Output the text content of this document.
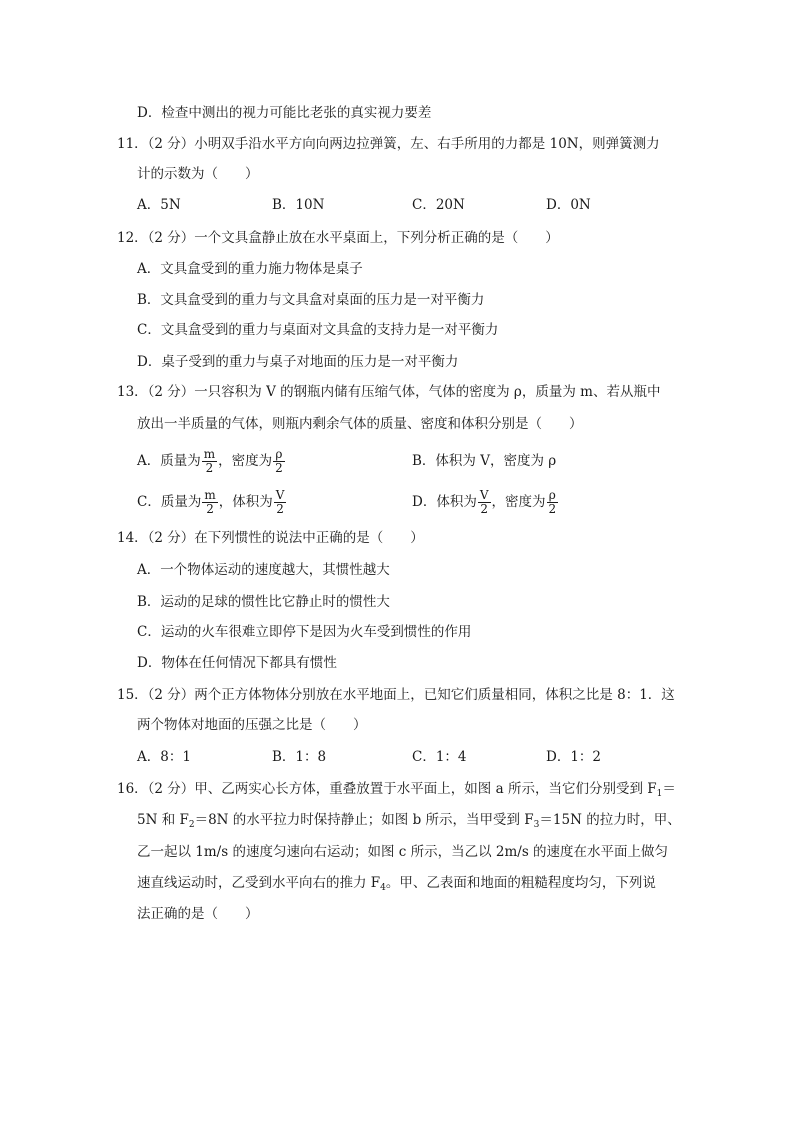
D．检查中测出的视力可能比老张的真实视力要差
11．（2 分）小明双手沿水平方向向两边拉弹簧，左、右手所用的力都是 10N，则弹簧测力
计的示数为（　　）
A．5N	B．10N	C．20N	D．0N
12．（2 分）一个文具盒静止放在水平桌面上，下列分析正确的是（　　）
A．文具盒受到的重力施力物体是桌子
B．文具盒受到的重力与文具盒对桌面的压力是一对平衡力
C．文具盒受到的重力与桌面对文具盒的支持力是一对平衡力
D．桌子受到的重力与桌子对地面的压力是一对平衡力
13．（2 分）一只容积为 V 的钢瓶内储有压缩气体，气体的密度为 ρ，质量为 m、若从瓶中
放出一半质量的气体，则瓶内剩余气体的质量、密度和体积分别是（　　）
A．质量为 $\frac{m}{2}$ ，密度为 $\frac{\rho}{2}$	B．体积为 V，密度为 ρ
C．质量为 $\frac{m}{2}$ ，体积为 $\frac{V}{2}$	D．体积为 $\frac{V}{2}$ ，密度为 $\frac{\rho}{2}$
14．（2 分）在下列惯性的说法中正确的是（　　）
A．一个物体运动的速度越大，其惯性越大
B．运动的足球的惯性比它静止时的惯性大
C．运动的火车很难立即停下是因为火车受到惯性的作用
D．物体在任何情况下都具有惯性
15．（2 分）两个正方体物体分别放在水平地面上，已知它们质量相同，体积之比是 8：1．这
两个物体对地面的压强之比是（　　）
A．8：1	B．1：8	C．1：4	D．1：2
16．（2 分）甲、乙两实心长方体，重叠放置于水平面上，如图 a 所示，当它们分别受到 $F_1=$
5N 和 $F_2=8N$ 的水平拉力时保持静止；如图 b 所示，当甲受到 $F_3=15N$ 的拉力时，甲、
乙一起以 1m/s 的速度匀速向右运动；如图 c 所示，当乙以 2m/s 的速度在水平面上做匀
速直线运动时，乙受到水平向右的推力 $F_4$。甲、乙表面和地面的粗糙程度均匀，下列说
法正确的是（　　）
